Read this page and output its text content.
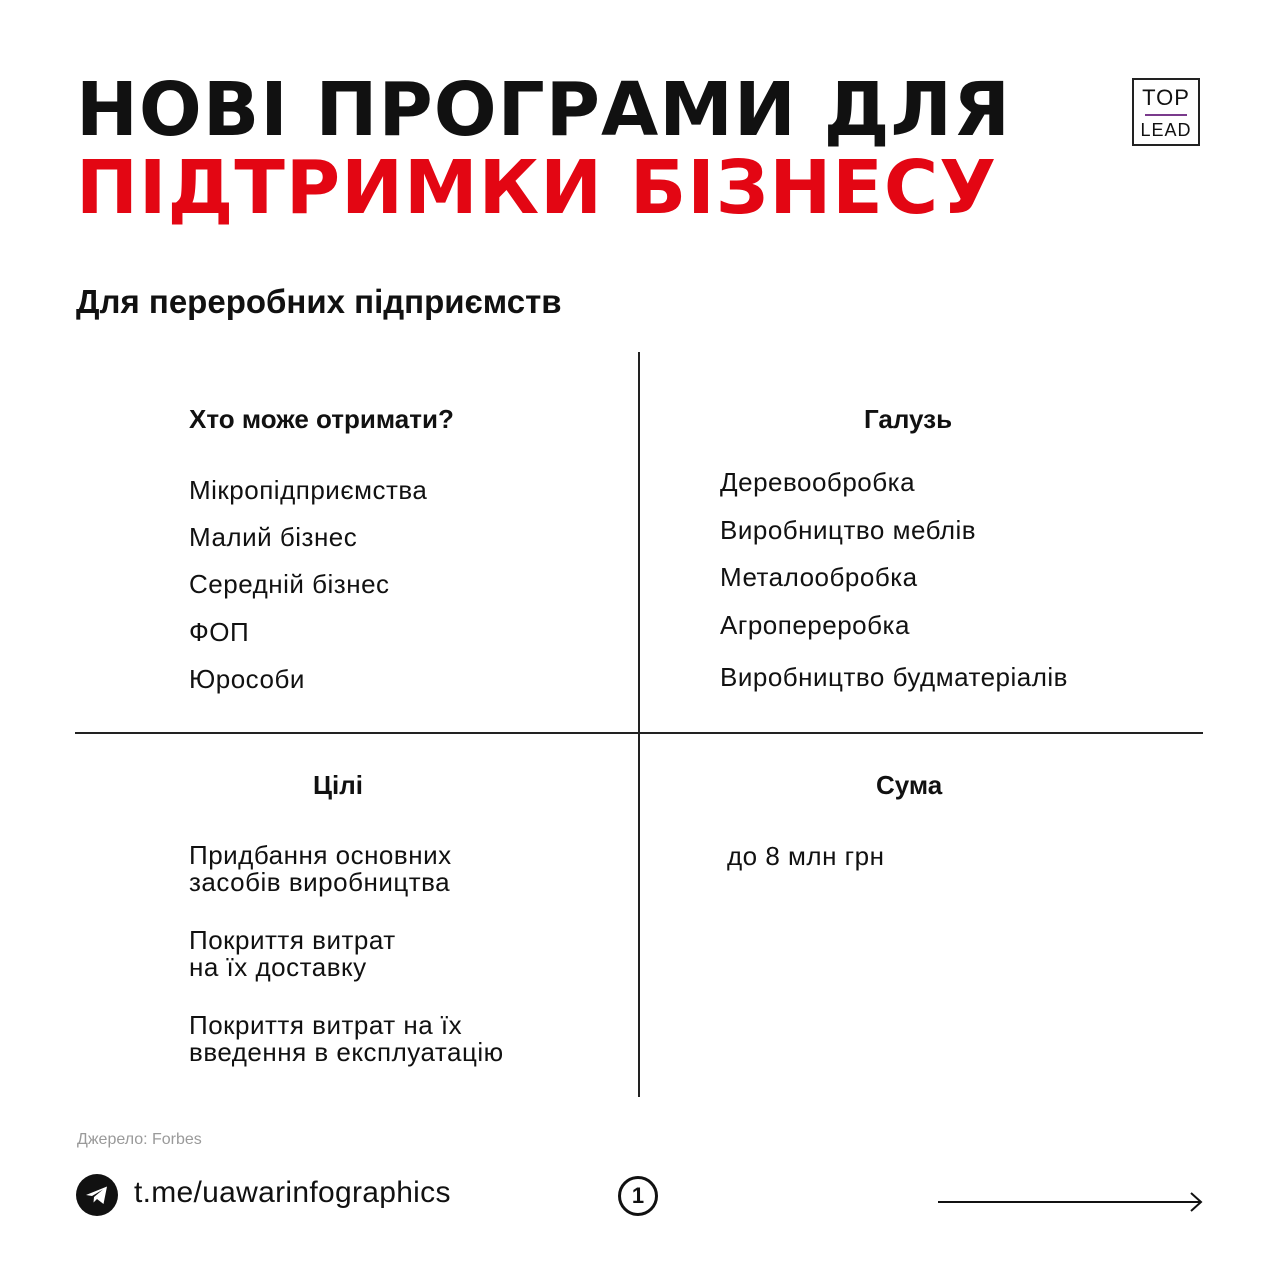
НОВІ ПРОГРАМИ ДЛЯ
ПІДТРИМКИ БІЗНЕСУ
TOP
LEAD
Для переробних підприємств
Хто може отримати?
Мікропідприємства
Малий бізнес
Середній бізнес
ФОП
Юрособи
Галузь
Деревообробка
Виробництво меблів
Металообробка
Агропереробка
Виробництво будматеріалів
Цілі
Придбання основних
засобів виробництва
Покриття витрат
на їх доставку
Покриття витрат на їх
введення в експлуатацію
Сума
до 8 млн грн
Джерело: Forbes
t.me/uawarinfographics	1
